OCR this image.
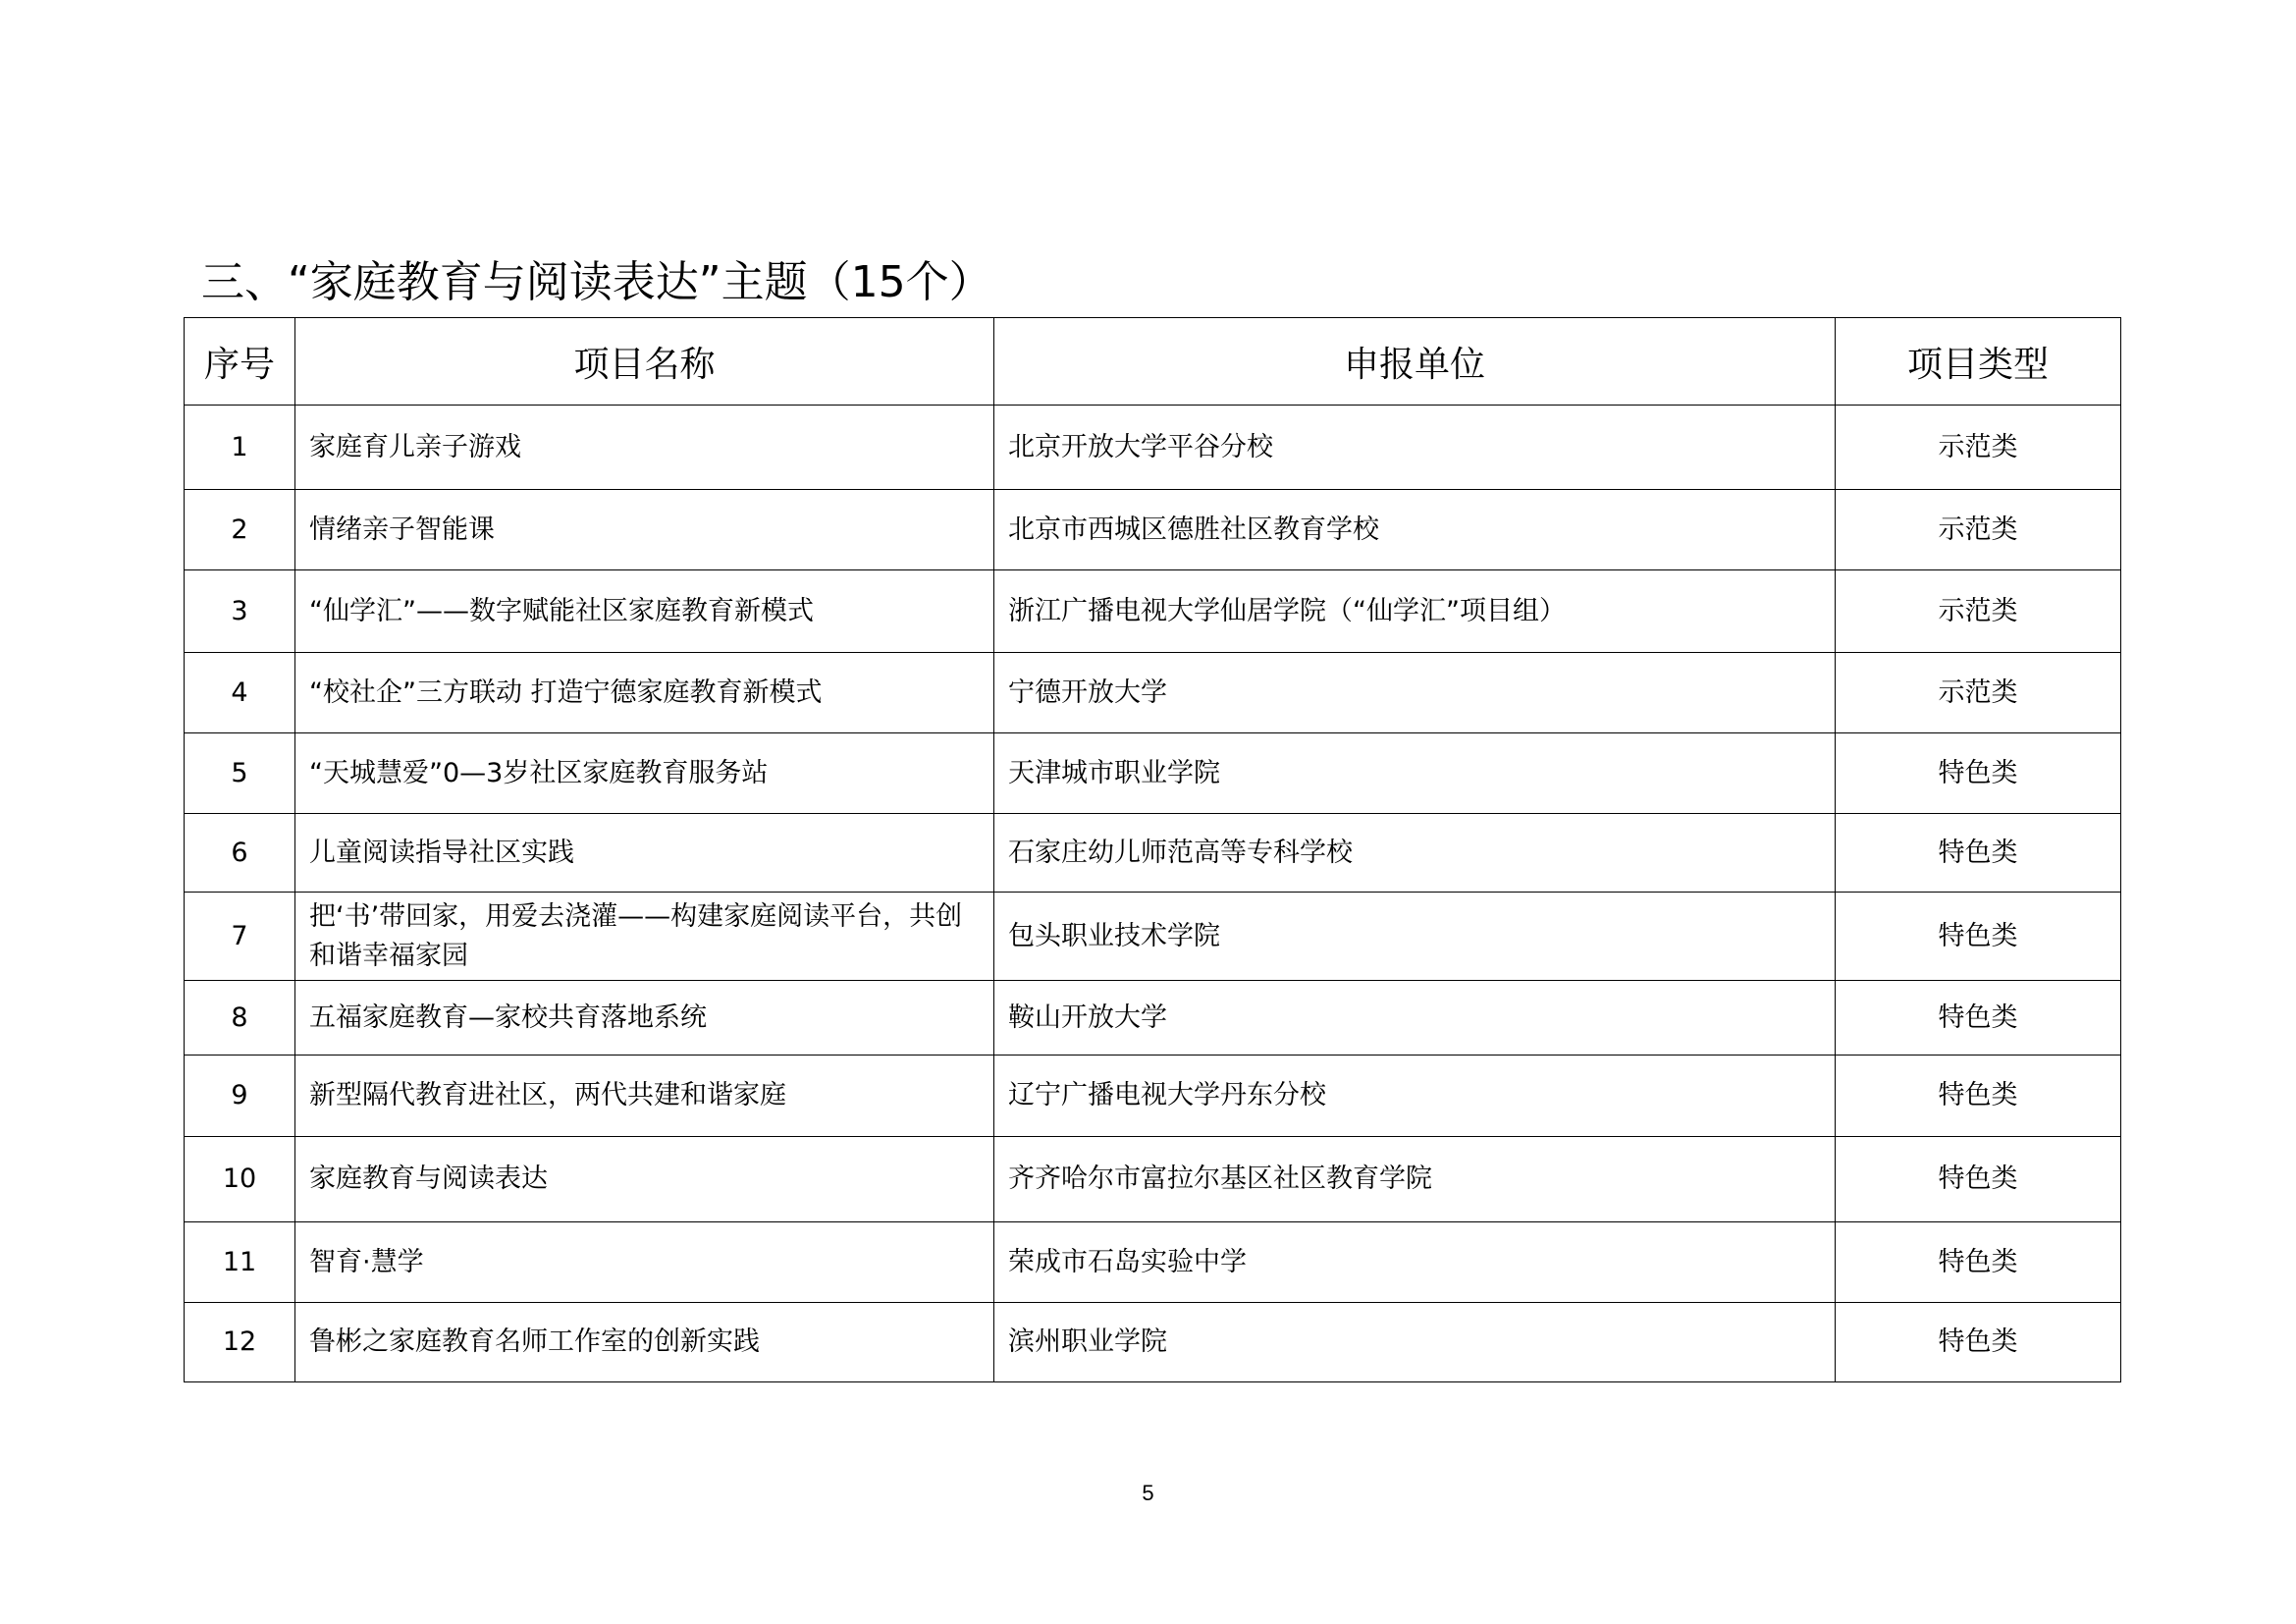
三、“家庭教育与阅读表达”主题（15个）
序号	项目名称	申报单位	项目类型
1	家庭育儿亲子游戏	北京开放大学平谷分校	示范类
2	情绪亲子智能课	北京市西城区德胜社区教育学校	示范类
3	“仙学汇”——数字赋能社区家庭教育新模式	浙江广播电视大学仙居学院（“仙学汇”项目组）	示范类
4	“校社企”三方联动 打造宁德家庭教育新模式	宁德开放大学	示范类
5	“天城慧爱”0—3岁社区家庭教育服务站	天津城市职业学院	特色类
6	儿童阅读指导社区实践	石家庄幼儿师范高等专科学校	特色类
7	把‘书’带回家，用爱去浇灌——构建家庭阅读平台，共创和谐幸福家园	包头职业技术学院	特色类
8	五福家庭教育—家校共育落地系统	鞍山开放大学	特色类
9	新型隔代教育进社区，两代共建和谐家庭	辽宁广播电视大学丹东分校	特色类
10	家庭教育与阅读表达	齐齐哈尔市富拉尔基区社区教育学院	特色类
11	智育·慧学	荣成市石岛实验中学	特色类
12	鲁彬之家庭教育名师工作室的创新实践	滨州职业学院	特色类
5
